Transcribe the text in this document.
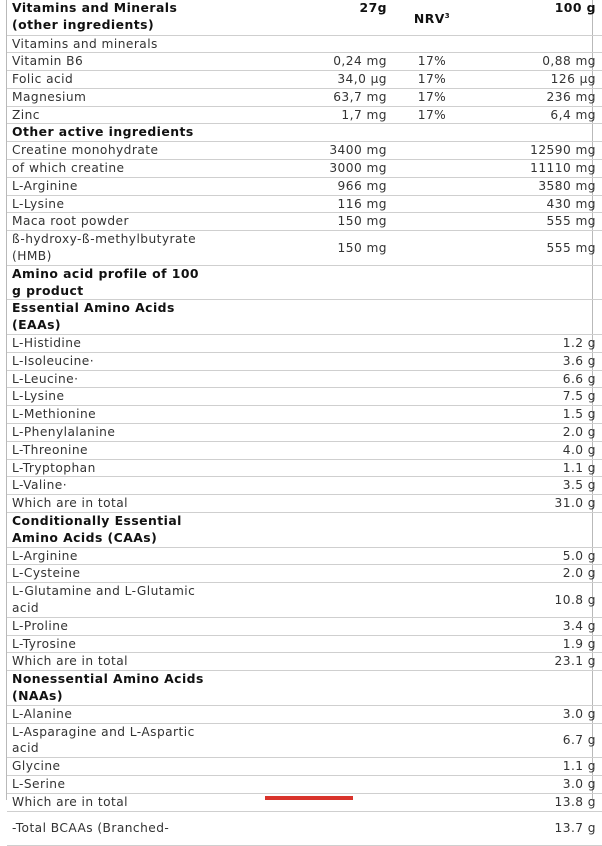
Vitamins and Minerals
(other ingredients)	27g	NRV$^3$	100 g
Vitamins and minerals			
Vitamin B6	0,24 mg	17%	0,88 mg
Folic acid	34,0 µg	17%	126 µg
Magnesium	63,7 mg	17%	236 mg
Zinc	1,7 mg	17%	6,4 mg
Other active ingredients			
Creatine monohydrate	3400 mg		12590 mg
of which creatine	3000 mg		11110 mg
L-Arginine	966 mg		3580 mg
L-Lysine	116 mg		430 mg
Maca root powder	150 mg		555 mg
ß-hydroxy-ß-methylbutyrate (HMB)	150 mg		555 mg
Amino acid profile of 100 g product			
Essential Amino Acids (EAAs)			
L-Histidine			1.2 g
L-Isoleucine·			3.6 g
L-Leucine·			6.6 g
L-Lysine			7.5 g
L-Methionine			1.5 g
L-Phenylalanine			2.0 g
L-Threonine			4.0 g
L-Tryptophan			1.1 g
L-Valine·			3.5 g
Which are in total			31.0 g
Conditionally Essential Amino Acids (CAAs)			
L-Arginine			5.0 g
L-Cysteine			2.0 g
L-Glutamine and L-Glutamic acid			10.8 g
L-Proline			3.4 g
L-Tyrosine			1.9 g
Which are in total			23.1 g
Nonessential Amino Acids (NAAs)			
L-Alanine			3.0 g
L-Asparagine and L-Aspartic acid			6.7 g
Glycine			1.1 g
L-Serine			3.0 g
Which are in total			13.8 g
-Total BCAAs (Branched-			13.7 g
